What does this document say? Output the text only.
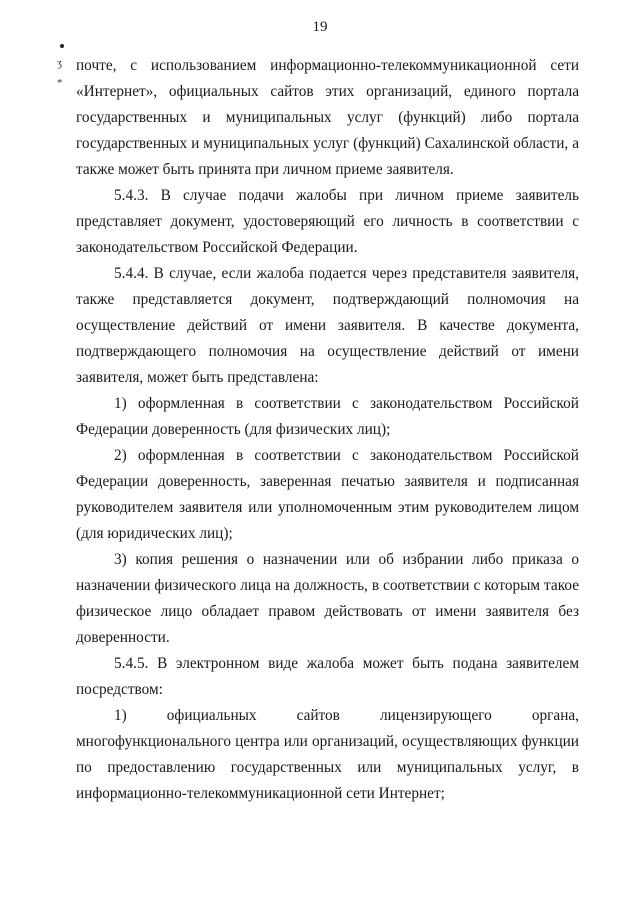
19
ʒ
*

почте, с использованием информационно-телекоммуникационной сети «Интернет», официальных сайтов этих организаций, единого портала государственных и муниципальных услуг (функций) либо портала государственных и муниципальных услуг (функций) Сахалинской области, а также может быть принята при личном приеме заявителя.

5.4.3. В случае подачи жалобы при личном приеме заявитель представляет документ, удостоверяющий его личность в соответствии с законодательством Российской Федерации.

5.4.4. В случае, если жалоба подается через представителя заявителя, также представляется документ, подтверждающий полномочия на осуществление действий от имени заявителя. В качестве документа, подтверждающего полномочия на осуществление действий от имени заявителя, может быть представлена:

1) оформленная в соответствии с законодательством Российской Федерации доверенность (для физических лиц);

2) оформленная в соответствии с законодательством Российской Федерации доверенность, заверенная печатью заявителя и подписанная руководителем заявителя или уполномоченным этим руководителем лицом (для юридических лиц);

3) копия решения о назначении или об избрании либо приказа о назначении физического лица на должность, в соответствии с которым такое физическое лицо обладает правом действовать от имени заявителя без доверенности.

5.4.5. В электронном виде жалоба может быть подана заявителем посредством:

1) официальных сайтов лицензирующего органа, многофункционального центра или организаций, осуществляющих функции по предоставлению государственных или муниципальных услуг, в информационно-телекоммуникационной сети Интернет;
